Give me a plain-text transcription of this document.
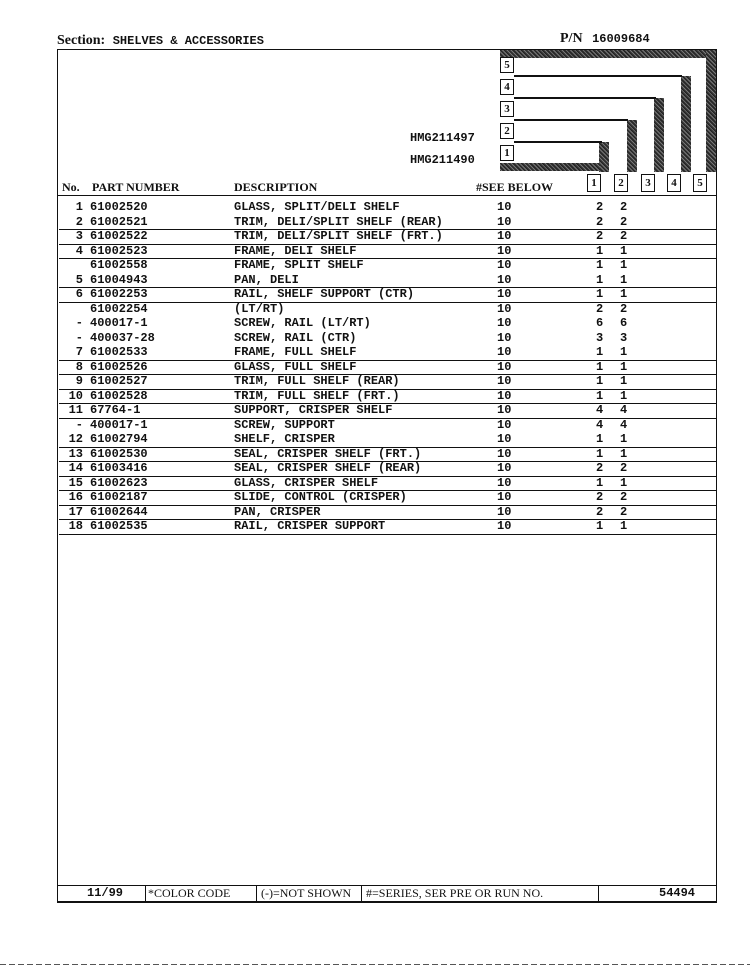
Section: SHELVES & ACCESSORIES	P/N 16009684
5
4
3
2
1
HMG211497
HMG211490
No. PART NUMBER	DESCRIPTION	#SEE BELOW	1	2	3	4	5
1 61002520	GLASS, SPLIT/DELI SHELF	10	2 2
2 61002521	TRIM, DELI/SPLIT SHELF (REAR)	10	2 2
3 61002522	TRIM, DELI/SPLIT SHELF (FRT.)	10	2 2
4 61002523	FRAME, DELI SHELF	10	1 1
61002558	FRAME, SPLIT SHELF	10	1 1
5 61004943	PAN, DELI	10	1 1
6 61002253	RAIL, SHELF SUPPORT (CTR)	10	1 1
61002254	(LT/RT)	10	2 2
- 400017-1	SCREW, RAIL (LT/RT)	10	6 6
- 400037-28	SCREW, RAIL (CTR)	10	3 3
7 61002533	FRAME, FULL SHELF	10	1 1
8 61002526	GLASS, FULL SHELF	10	1 1
9 61002527	TRIM, FULL SHELF (REAR)	10	1 1
10 61002528	TRIM, FULL SHELF (FRT.)	10	1 1
11 67764-1	SUPPORT, CRISPER SHELF	10	4 4
- 400017-1	SCREW, SUPPORT	10	4 4
12 61002794	SHELF, CRISPER	10	1 1
13 61002530	SEAL, CRISPER SHELF (FRT.)	10	1 1
14 61003416	SEAL, CRISPER SHELF (REAR)	10	2 2
15 61002623	GLASS, CRISPER SHELF	10	1 1
16 61002187	SLIDE, CONTROL (CRISPER)	10	2 2
17 61002644	PAN, CRISPER	10	2 2
18 61002535	RAIL, CRISPER SUPPORT	10	1 1
11/99 *COLOR CODE	(-)=NOT SHOWN #=SERIES, SER PRE OR RUN NO.	54494
